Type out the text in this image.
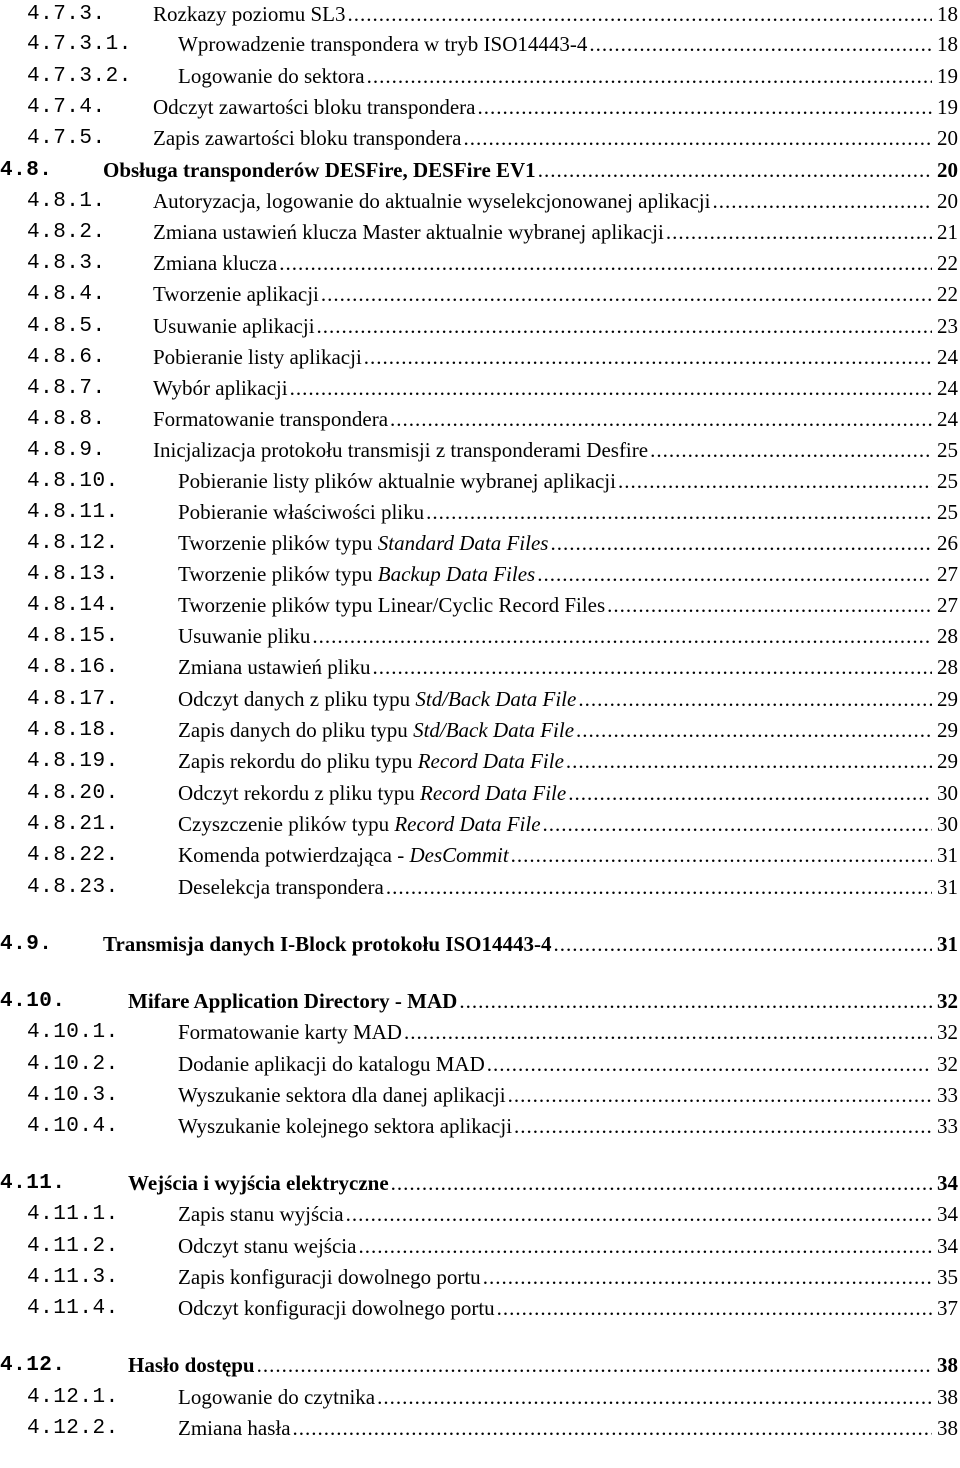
4.7.3. Rozkazy poziomu SL3 .....	18
4.7.3.1. Wprowadzenie transpondera w tryb ISO14443-4 .....	18
4.7.3.2. Logowanie do sektora .....	19
4.7.4. Odczyt zawartości bloku transpondera .....	19
4.7.5. Zapis zawartości bloku transpondera .....	20
4.8. Obsługa transponderów DESFire, DESFire EV1 .....	20
4.8.1. Autoryzacja, logowanie do aktualnie wyselekcjonowanej aplikacji .....	20
4.8.2. Zmiana ustawień klucza Master aktualnie wybranej aplikacji .....	21
4.8.3. Zmiana klucza .....	22
4.8.4. Tworzenie aplikacji .....	22
4.8.5. Usuwanie aplikacji .....	23
4.8.6. Pobieranie listy aplikacji .....	24
4.8.7. Wybór aplikacji .....	24
4.8.8. Formatowanie transpondera .....	24
4.8.9. Inicjalizacja protokołu transmisji z transponderami Desfire .....	25
4.8.10.	Pobieranie listy plików aktualnie wybranej aplikacji .....	25
4.8.11.	Pobieranie właściwości pliku .....	25
4.8.12.	Tworzenie plików typu Standard Data Files .....	26
4.8.13.	Tworzenie plików typu Backup Data Files .....	27
4.8.14.	Tworzenie plików typu Linear/Cyclic Record Files .....	27
4.8.15.	Usuwanie pliku .....	28
4.8.16.	Zmiana ustawień pliku .....	28
4.8.17.	Odczyt danych z pliku typu Std/Back Data File .....	29
4.8.18.	Zapis danych do pliku typu Std/Back Data File .....	29
4.8.19.	Zapis rekordu do pliku typu Record Data File .....	29
4.8.20.	Odczyt rekordu z pliku typu Record Data File .....	30
4.8.21.	Czyszczenie plików typu Record Data File .....	30
4.8.22.	Komenda potwierdzająca - DesCommit .....	31
4.8.23.	Deselekcja transpondera .....	31
4.9. Transmisja danych I-Block protokołu ISO14443-4 .....	31
4.10.	Mifare Application Directory - MAD .....	32
4.10.1.	Formatowanie karty MAD .....	32
4.10.2.	Dodanie aplikacji do katalogu MAD .....	32
4.10.3.	Wyszukanie sektora dla danej aplikacji .....	33
4.10.4.	Wyszukanie kolejnego sektora aplikacji .....	33
4.11.	Wejścia i wyjścia elektryczne .....	34
4.11.1.	Zapis stanu wyjścia .....	34
4.11.2.	Odczyt stanu wejścia .....	34
4.11.3.	Zapis konfiguracji dowolnego portu .....	35
4.11.4.	Odczyt konfiguracji dowolnego portu .....	37
4.12.	Hasło dostępu .....	38
4.12.1.	Logowanie do czytnika .....	38
4.12.2.	Zmiana hasła .....	38
